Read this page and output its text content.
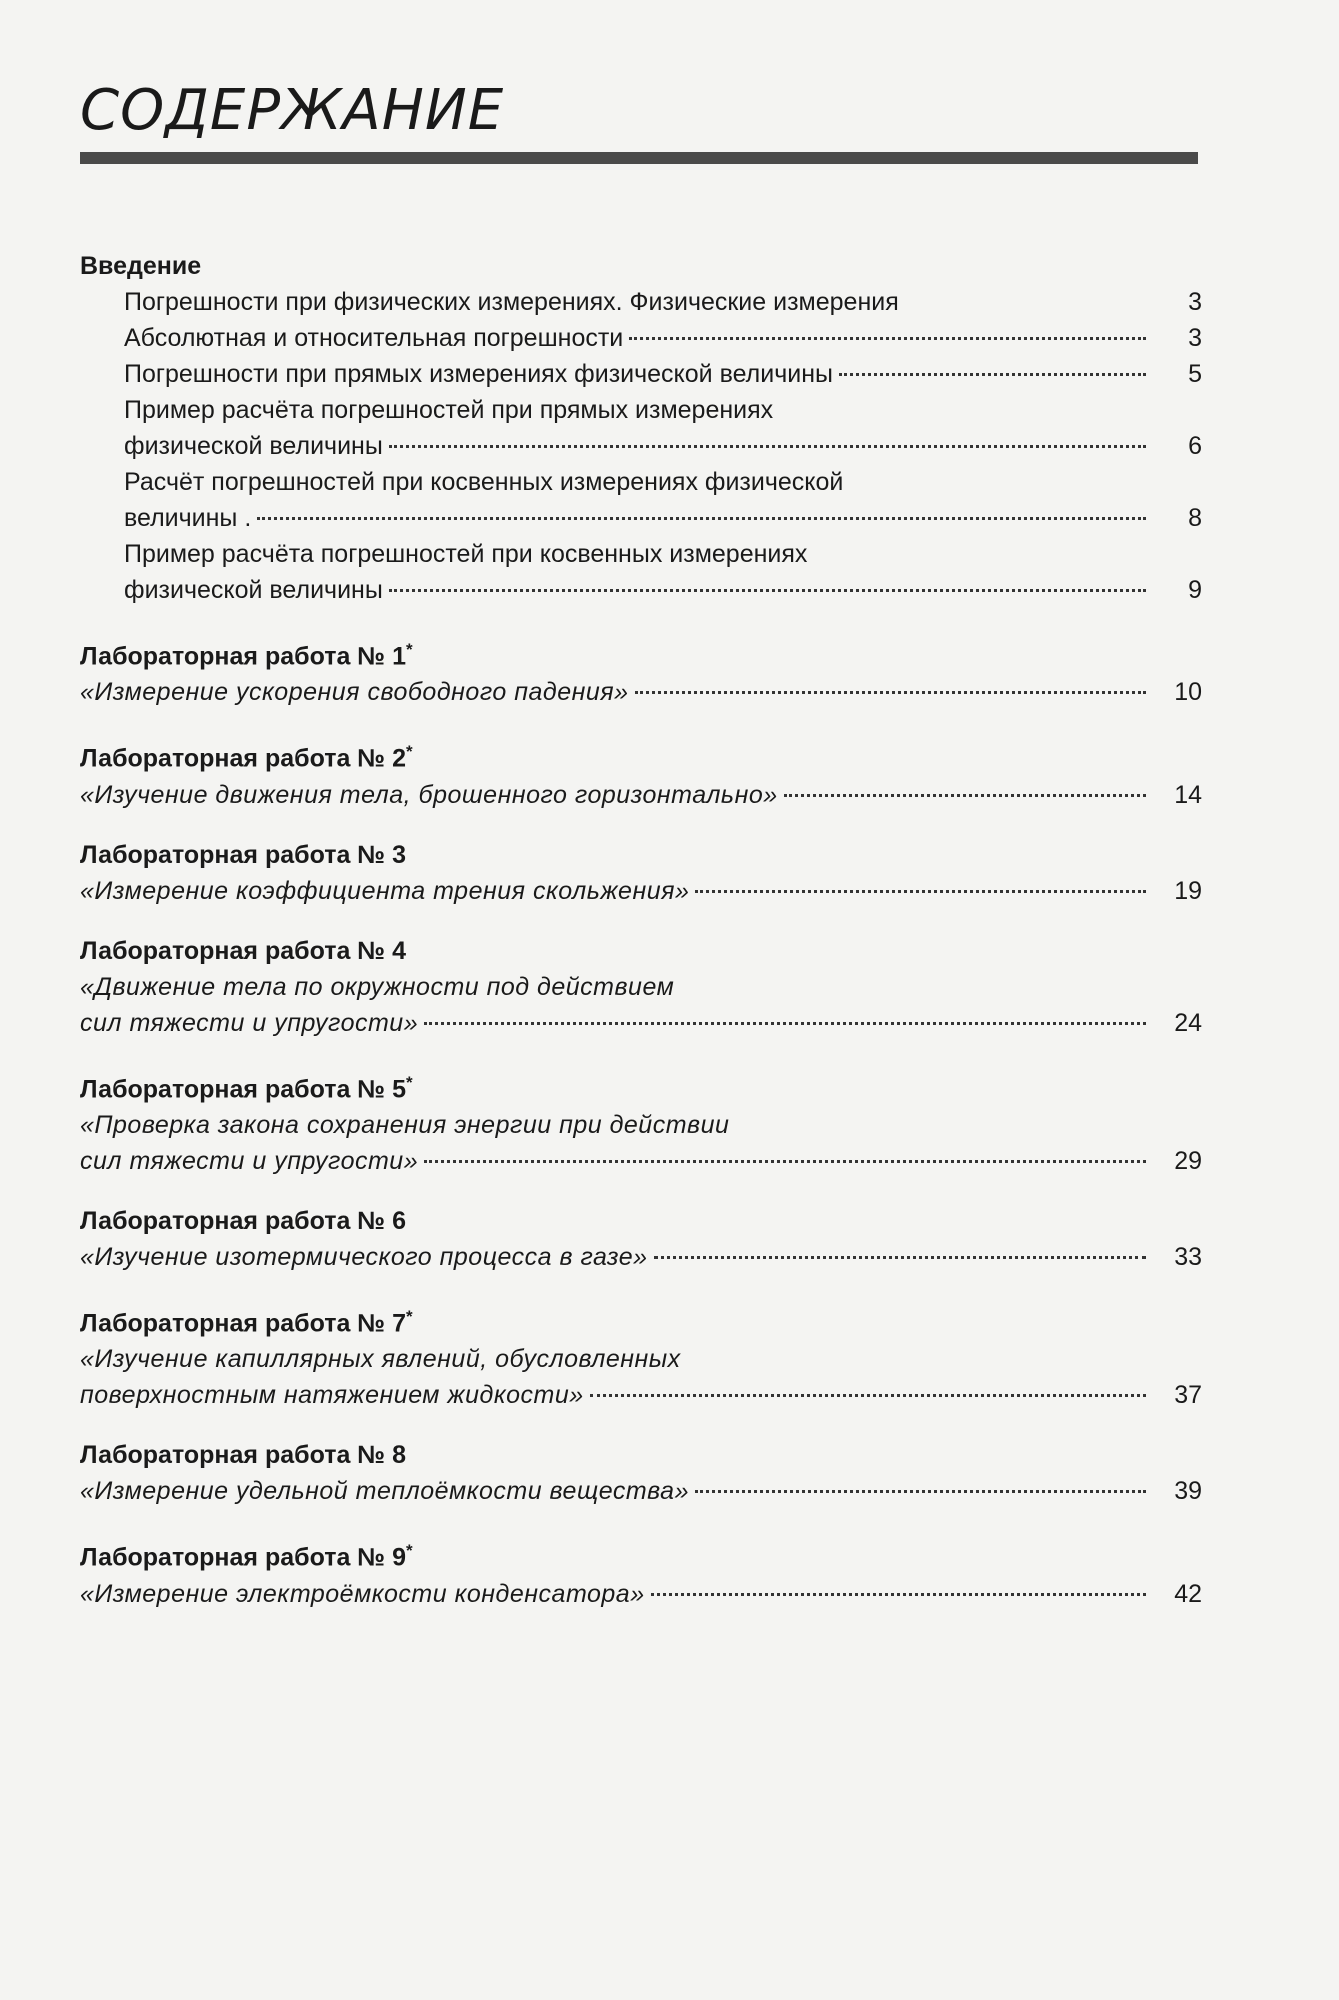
СОДЕРЖАНИЕ
Введение
Погрешности при физических измерениях. Физические измерения	3
Абсолютная и относительная погрешности	3
Погрешности при прямых измерениях физической величины	5
Пример расчёта погрешностей при прямых измерениях
физической величины	6
Расчёт погрешностей при косвенных измерениях физической
величины .	8
Пример расчёта погрешностей при косвенных измерениях
физической величины	9
Лабораторная работа № 1*
«Измерение ускорения свободного падения»	10
Лабораторная работа № 2*
«Изучение движения тела, брошенного горизонтально»	14
Лабораторная работа № 3
«Измерение коэффициента трения скольжения»	19
Лабораторная работа № 4
«Движение тела по окружности под действием
сил тяжести и упругости»	24
Лабораторная работа № 5*
«Проверка закона сохранения энергии при действии
сил тяжести и упругости»	29
Лабораторная работа № 6
«Изучение изотермического процесса в газе»	33
Лабораторная работа № 7*
«Изучение капиллярных явлений, обусловленных
поверхностным натяжением жидкости»	37
Лабораторная работа № 8
«Измерение удельной теплоёмкости вещества»	39
Лабораторная работа № 9*
«Измерение электроёмкости конденсатора»	42
